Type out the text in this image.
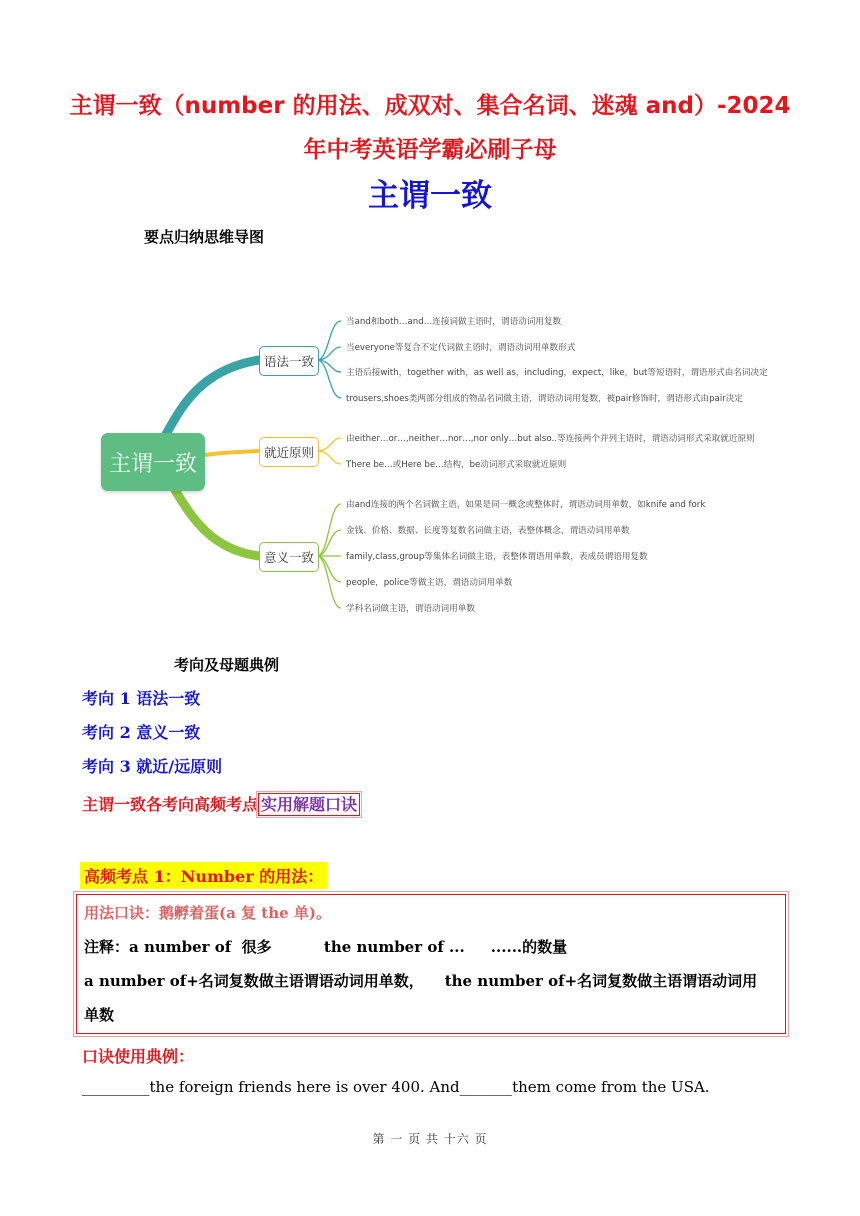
主谓一致（number 的用法、成双对、集合名词、迷魂 and）-2024
年中考英语学霸必刷子母
主谓一致
要点归纳思维导图
主谓一致
语法一致
就近原则
意义一致
当and和both…and…连接词做主语时，谓语动词用复数
当everyone等复合不定代词做主语时，谓语动词用单数形式
主语后接with，together with，as well as，including，expect，like，but等短语时，谓语形式由名词决定
trousers,shoes类两部分组成的物品名词做主语，谓语动词用复数，被pair修饰时，谓语形式由pair决定
由either…or…,neither…nor…,nor only…but also..等连接两个并列主语时，谓语动词形式采取就近原则
There be…或Here be…结构，be动词形式采取就近原则
由and连接的两个名词做主语，如果是同一概念或整体时，谓语动词用单数，如knife and fork
金钱、价格、数据、长度等复数名词做主语，表整体概念，谓语动词用单数
family,class,group等集体名词做主语，表整体谓语用单数，表成员谓语用复数
people，police等做主语，谓语动词用单数
学科名词做主语，谓语动词用单数
考向及母题典例
考向 1 语法一致
考向 2 意义一致
考向 3 就近/远原则
主谓一致各考向高频考点 实用解题口诀
高频考点 1：Number 的用法：
用法口诀：鹅孵着蛋(a 复 the 单)。
注释：a number of  很多          the number of ...     ......的数量
a number of+名词复数做主语谓语动词用单数，    the number of+名词复数做主语谓语动词用
单数
口诀使用典例：
_________the foreign friends here is over 400. And_______them come from the USA.
第 一 页 共 十六 页
